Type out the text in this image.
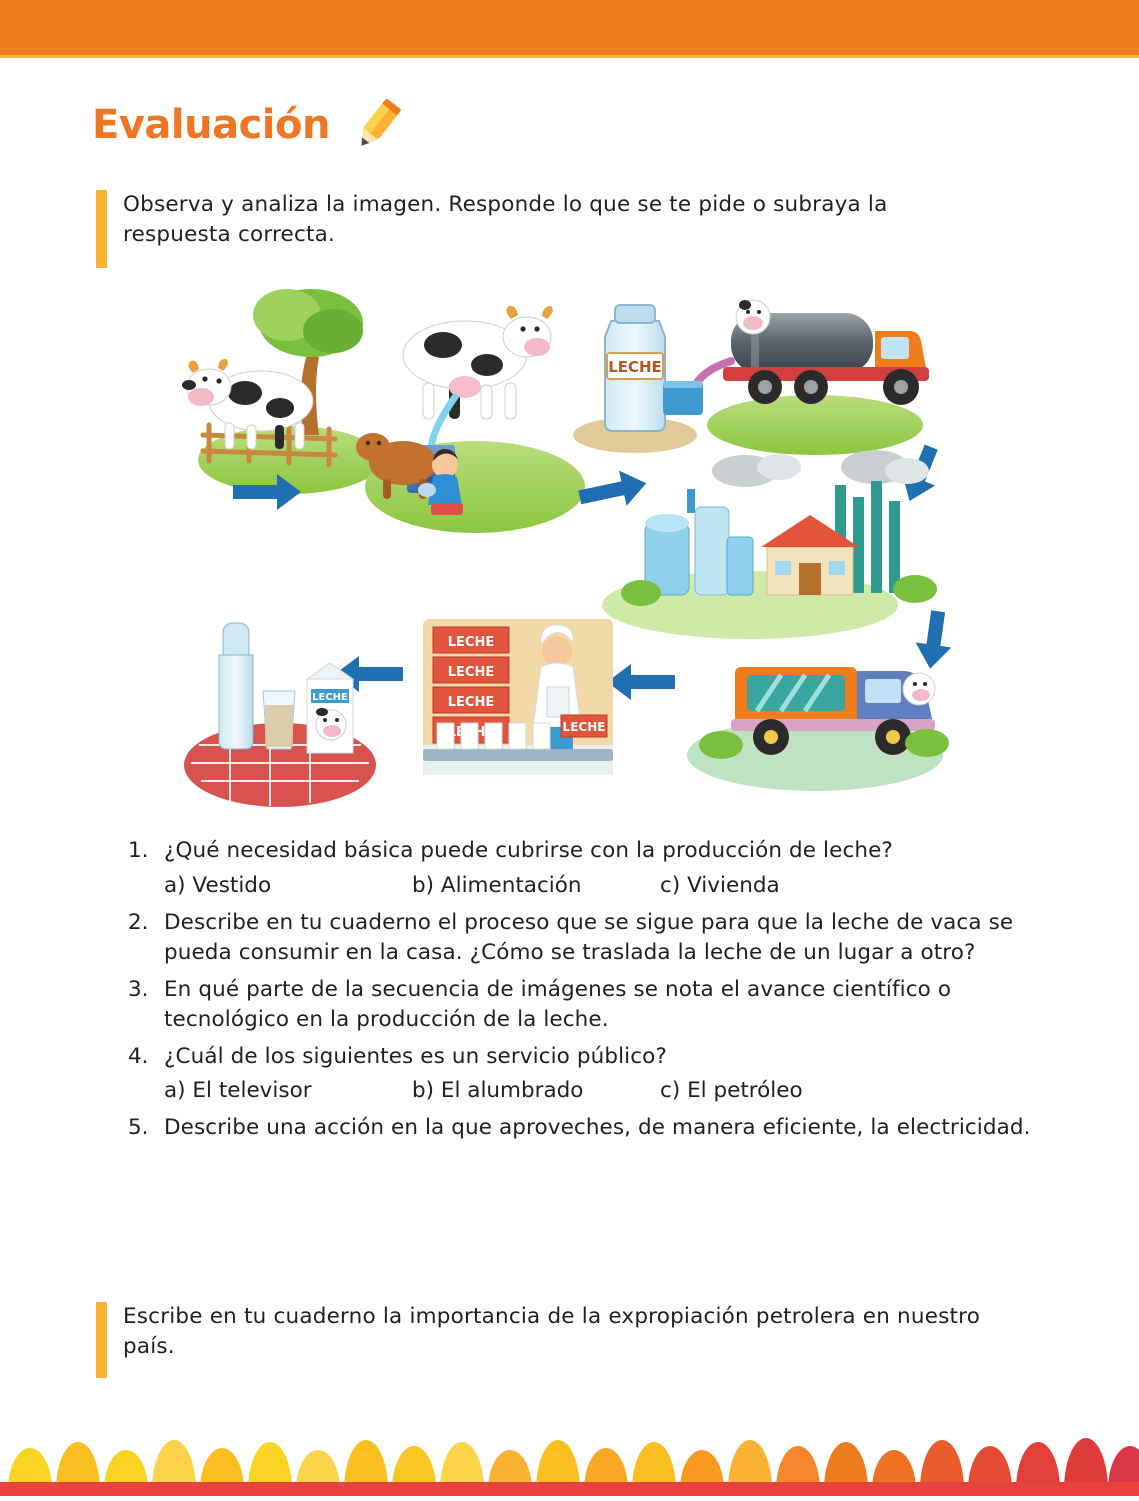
Evaluación
Observa y analiza la imagen. Responde lo que se te pide o subraya la respuesta correcta.
LECHE
LECHE
LECHE
LECHE
LECHE
LECHE
1. ¿Qué necesidad básica puede cubrirse con la producción de leche?
a) Vestido	b) Alimentación	c) Vivienda
2. Describe en tu cuaderno el proceso que se sigue para que la leche de vaca se pueda consumir en la casa. ¿Cómo se traslada la leche de un lugar a otro?
3. En qué parte de la secuencia de imágenes se nota el avance científico o tecnológico en la producción de la leche.
4. ¿Cuál de los siguientes es un servicio público?
a) El televisor	b) El alumbrado	c) El petróleo
5. Describe una acción en la que aproveches, de manera eficiente, la electricidad.
Escribe en tu cuaderno la importancia de la expropiación petrolera en nuestro país.
119
